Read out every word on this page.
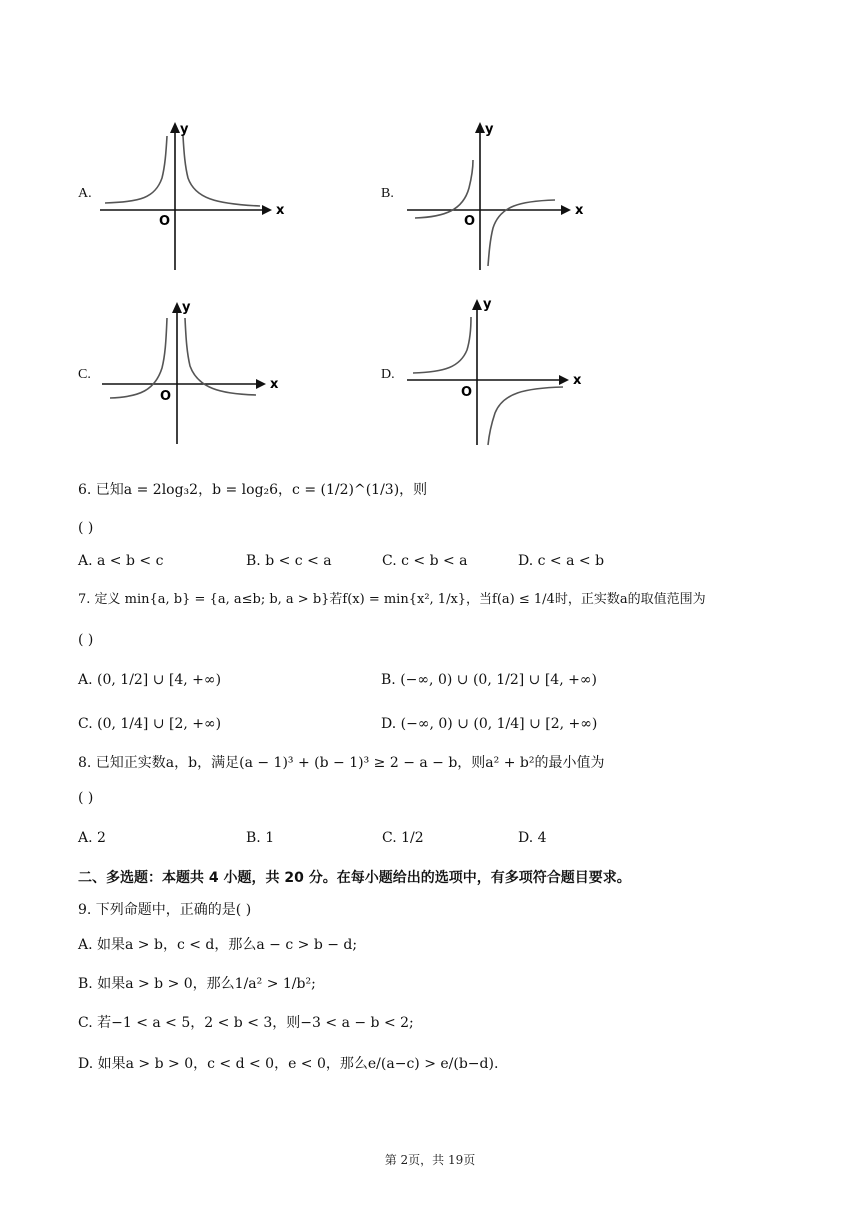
A.	B.
C.	D.
x
y
O
x
y
O
x
y
O
x
y
O
6. 已知a = 2log₃2，b = log₂6，c = (1/2)^(1/3)，则
( )
A. a < b < c	B. b < c < a	C. c < b < a	D. c < a < b
7. 定义 min{a, b} = {a, a≤b; b, a > b}若f(x) = min{x², 1/x}，当f(a) ≤ 1/4时，正实数a的取值范围为
( )
A. (0, 1/2] ∪ [4, +∞)	B. (−∞, 0) ∪ (0, 1/2] ∪ [4, +∞)
C. (0, 1/4] ∪ [2, +∞)	D. (−∞, 0) ∪ (0, 1/4] ∪ [2, +∞)
8. 已知正实数a，b，满足(a − 1)³ + (b − 1)³ ≥ 2 − a − b，则a² + b²的最小值为
( )
A. 2	B. 1	C. 1/2	D. 4
二、多选题：本题共 4 小题，共 20 分。在每小题给出的选项中，有多项符合题目要求。
9. 下列命题中，正确的是( )
A. 如果a > b，c < d，那么a − c > b − d;
B. 如果a > b > 0，那么1/a² > 1/b²;
C. 若−1 < a < 5，2 < b < 3，则−3 < a − b < 2;
D. 如果a > b > 0，c < d < 0，e < 0，那么e/(a−c) > e/(b−d).
第 2页，共 19页
